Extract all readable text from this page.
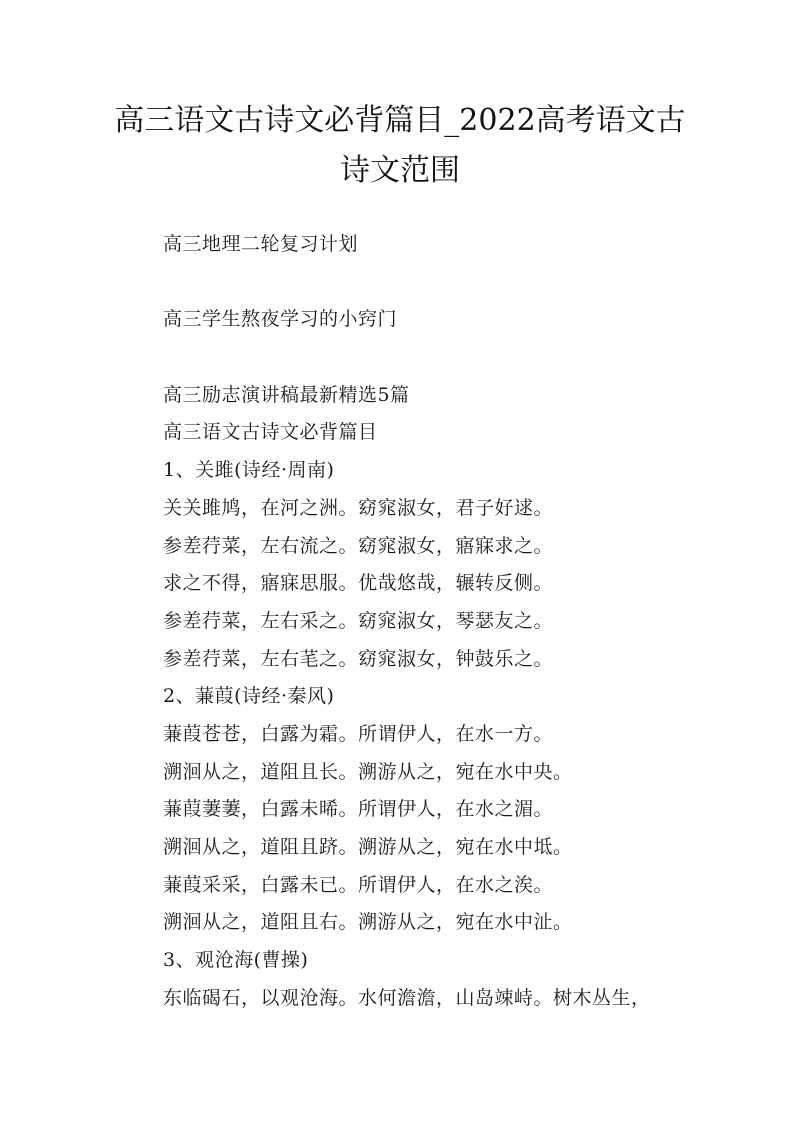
高三语文古诗文必背篇目_2022高考语文古
诗文范围
高三地理二轮复习计划
高三学生熬夜学习的小窍门
高三励志演讲稿最新精选5篇
高三语文古诗文必背篇目
1、关雎(诗经·周南)
关关雎鸠，在河之洲。窈窕淑女，君子好逑。
参差荇菜，左右流之。窈窕淑女，寤寐求之。
求之不得，寤寐思服。优哉悠哉，辗转反侧。
参差荇菜，左右采之。窈窕淑女，琴瑟友之。
参差荇菜，左右芼之。窈窕淑女，钟鼓乐之。
2、蒹葭(诗经·秦风)
蒹葭苍苍，白露为霜。所谓伊人，在水一方。
溯洄从之，道阻且长。溯游从之，宛在水中央。
蒹葭萋萋，白露未晞。所谓伊人，在水之湄。
溯洄从之，道阻且跻。溯游从之，宛在水中坻。
蒹葭采采，白露未已。所谓伊人，在水之涘。
溯洄从之，道阻且右。溯游从之，宛在水中沚。
3、观沧海(曹操)
东临碣石，以观沧海。水何澹澹，山岛竦峙。树木丛生，
